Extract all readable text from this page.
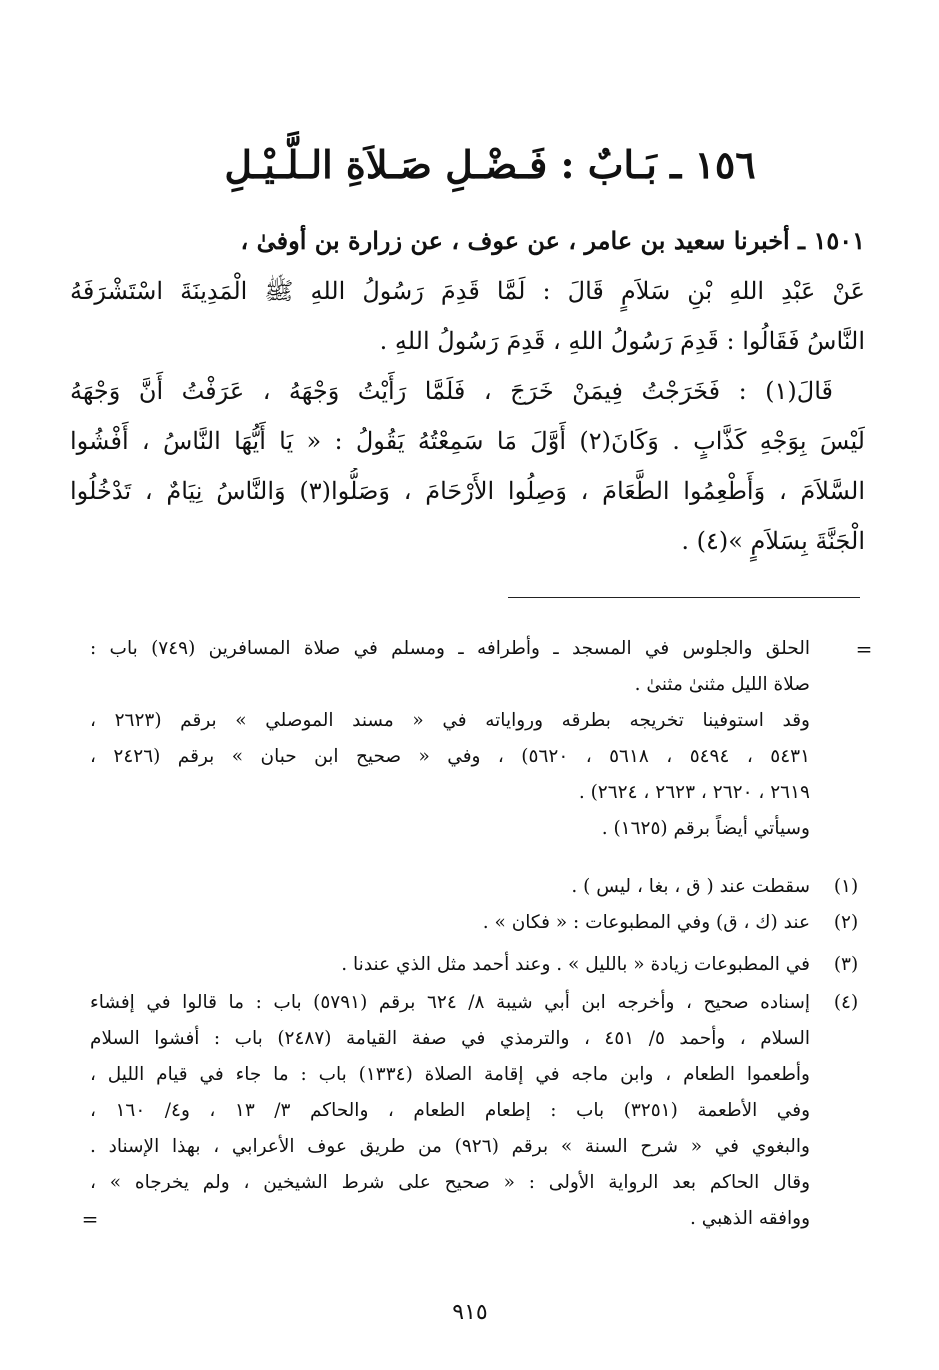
١٥٦ ـ بَـابٌ : فَـضْـلِ صَـلاَةِ الـلَّـيْـلِ
١٥٠١ ـ أخبرنا سعيد بن عامر ، عن عوف ، عن زرارة بن أوفىٰ ،
عَنْ عَبْدِ اللهِ بْنِ سَلاَمٍ قَالَ : لَمَّا قَدِمَ رَسُولُ اللهِ ﷺ الْمَدِينَةَ اسْتَشْرَفَهُ
النَّاسُ فَقَالُوا : قَدِمَ رَسُولُ اللهِ ، قَدِمَ رَسُولُ اللهِ .
قَالَ(١) : فَخَرَجْتُ فِيمَنْ خَرَجَ ، فَلَمَّا رَأَيْتُ وَجْهَهُ ، عَرَفْتُ أَنَّ وَجْهَهُ
لَيْسَ بِوَجْهِ كَذَّابٍ . وَكَانَ(٢) أَوَّلَ مَا سَمِعْتُهُ يَقُولُ : « يَا أَيُّهَا النَّاسُ ، أَفْشُوا
السَّلاَمَ ، وَأَطْعِمُوا الطَّعَامَ ، وَصِلُوا الأَرْحَامَ ، وَصَلُّوا(٣) وَالنَّاسُ نِيَامٌ ، تَدْخُلُوا
الْجَنَّةَ بِسَلاَمٍ »(٤) .
=
الحلق والجلوس في المسجد ـ وأطرافه ـ ومسلم في صلاة المسافرين (٧٤٩) باب :
صلاة الليل مثنىٰ مثنىٰ .
وقد استوفينا تخريجه بطرقه ورواياته في « مسند الموصلي » برقم (٢٦٢٣ ،
٥٤٣١ ، ٥٤٩٤ ، ٥٦١٨ ، ٥٦٢٠) ، وفي « صحيح ابن حبان » برقم (٢٤٢٦ ،
٢٦١٩ ، ٢٦٢٠ ، ٢٦٢٣ ، ٢٦٢٤) .
وسيأتي أيضاً برقم (١٦٢٥) .
(١)
سقطت عند ( ق ، بغا ، ليس ) .
(٢)
عند (ك ، ق) وفي المطبوعات : « فكان » .
(٣)
في المطبوعات زيادة « بالليل » . وعند أحمد مثل الذي عندنا .
(٤)
إسناده صحيح ، وأخرجه ابن أبي شيبة ٨/ ٦٢٤ برقم (٥٧٩١) باب : ما قالوا في إفشاء
السلام ، وأحمد ٥/ ٤٥١ ، والترمذي في صفة القيامة (٢٤٨٧) باب : أفشوا السلام
وأطعموا الطعام ، وابن ماجه في إقامة الصلاة (١٣٣٤) باب : ما جاء في قيام الليل ،
وفي الأطعمة (٣٢٥١) باب : إطعام الطعام ، والحاكم ٣/ ١٣ ، و٤/ ١٦٠ ،
والبغوي في « شرح السنة » برقم (٩٢٦) من طريق عوف الأعرابي ، بهذا الإسناد .
وقال الحاكم بعد الرواية الأولى : « صحيح على شرط الشيخين ، ولم يخرجاه » ،
ووافقه الذهبي .
=
٩١٥
